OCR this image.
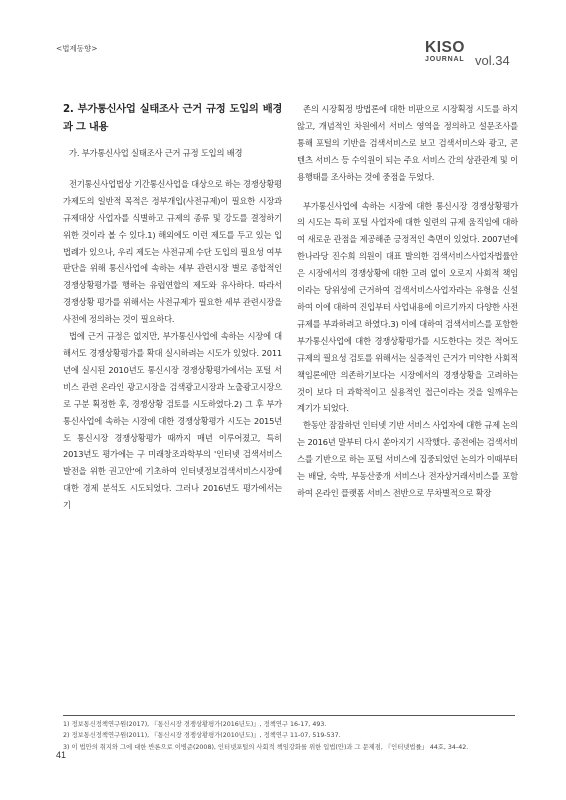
<법제동향>	KISO
JOURNAL vol.34
2. 부가통신사업 실태조사 근거 규정 도입의 배경과 그 내용
가. 부가통신사업 실태조사 근거 규정 도입의 배경

전기통신사업법상 기간통신사업을 대상으로 하는 경쟁상황평가제도의 일반적 목적은 정부개입(사전규제)이 필요한 시장과 규제대상 사업자를 식별하고 규제의 종류 및 강도를 결정하기 위한 것이라 볼 수 있다.1) 해외에도 이런 제도를 두고 있는 입법례가 있으나, 우리 제도는 사전규제 수단 도입의 필요성 여부 판단을 위해 통신사업에 속하는 세부 관련시장 별로 종합적인 경쟁상황평가를 행하는 유럽연합의 제도와 유사하다. 따라서 경쟁상황 평가를 위해서는 사전규제가 필요한 세부 관련시장을 사전에 정의하는 것이 필요하다.

법에 근거 규정은 없지만, 부가통신사업에 속하는 시장에 대해서도 경쟁상황평가를 확대 실시하려는 시도가 있었다. 2011년에 실시된 2010년도 통신시장 경쟁상황평가에서는 포털 서비스 관련 온라인 광고시장을 검색광고시장과 노출광고시장으로 구분 획정한 후, 경쟁상황 검토를 시도하였다.2) 그 후 부가통신사업에 속하는 시장에 대한 경쟁상황평가 시도는 2015년도 통신시장 경쟁상황평가 때까지 매년 이루어졌고, 특히 2013년도 평가에는 구 미래창조과학부의 '인터넷 검색서비스 발전을 위한 권고안'에 기초하여 인터넷정보검색서비스시장에 대한 경제 분석도 시도되었다. 그러나 2016년도 평가에서는 기

존의 시장획정 방법론에 대한 비판으로 시장획정 시도를 하지 않고, 개념적인 차원에서 서비스 영역을 정의하고 설문조사를 통해 포털의 기반을 검색서비스로 보고 검색서비스와 광고, 콘텐츠 서비스 등 수익원이 되는 주요 서비스 간의 상관관계 및 이용행태를 조사하는 것에 중점을 두었다.

부가통신사업에 속하는 시장에 대한 통신시장 경쟁상황평가의 시도는 특히 포털 사업자에 대한 일련의 규제 움직임에 대하여 새로운 관점을 제공해준 긍정적인 측면이 있었다. 2007년에 한나라당 진수희 의원이 대표 발의한 검색서비스사업자법률안은 시장에서의 경쟁상황에 대한 고려 없이 오로지 사회적 책임이라는 당위성에 근거하여 검색서비스사업자라는 유형을 신설하여 이에 대하여 진입부터 사업내용에 이르기까지 다양한 사전규제를 부과하려고 하였다.3) 이에 대하여 검색서비스를 포함한 부가통신사업에 대한 경쟁상황평가를 시도한다는 것은 적어도 규제의 필요성 검토를 위해서는 실증적인 근거가 미약한 사회적 책임론에만 의존하기보다는 시장에서의 경쟁상황을 고려하는 것이 보다 더 과학적이고 실용적인 접근이라는 것을 일깨우는 계기가 되었다.

한동안 잠잠하던 인터넷 기반 서비스 사업자에 대한 규제 논의는 2016년 말부터 다시 쏟아지기 시작했다. 종전에는 검색서비스를 기반으로 하는 포털 서비스에 집중되었던 논의가 이때부터는 배달, 숙박, 부동산중개 서비스나 전자상거래서비스를 포함하여 온라인 플랫폼 서비스 전반으로 무차별적으로 확장

1) 정보통신정책연구원(2017), 『통신시장 경쟁상황평가(2016년도)』, 정책연구 16-17, 493.

2) 정보통신정책연구원(2011), 『통신시장 경쟁상황평가(2010년도)』, 정책연구 11-07, 519-537.

3) 이 법안의 취지와 그에 대한 반론으로 이병준(2008), 인터넷포털의 사회적 책임강화를 위한 입법(안)과 그 문제점, 『인터넷법률』 44호, 34-42.

41
